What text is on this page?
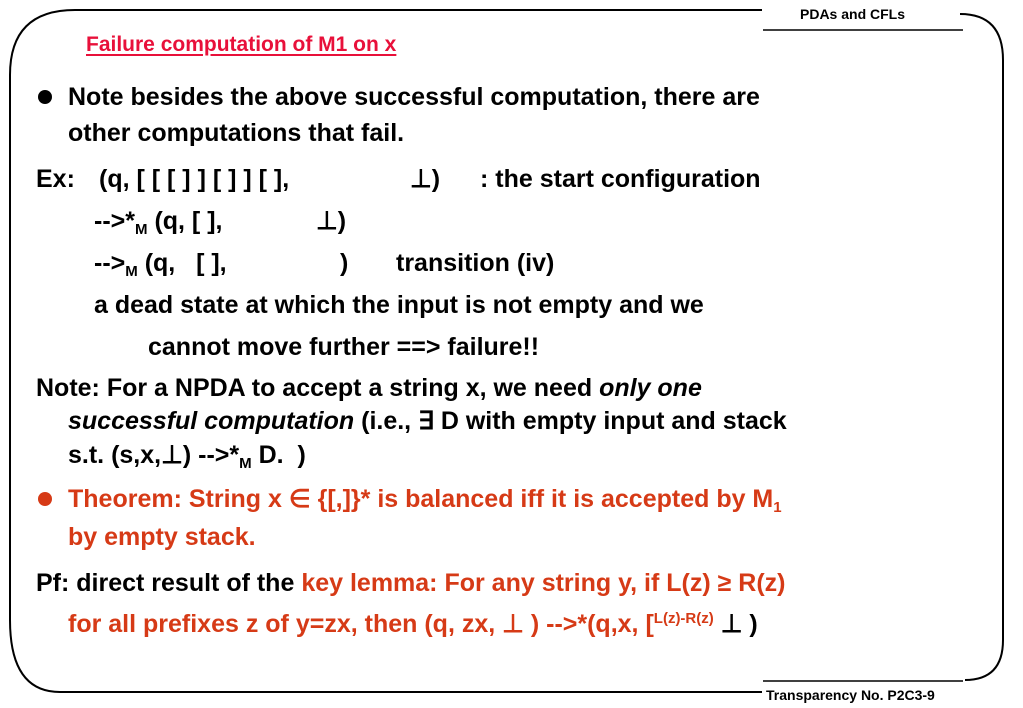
PDAs and CFLs
Transparency No. P2C3-9
Failure computation of M1 on x
Note besides the above successful computation, there are
other computations that fail.
Ex: (q, [ [ [ ] ] [ ] ] [ ],	⊥) : the start configuration
$-->*_M$ (q, [ ],	⊥)
$-->_M$ (q,   [ ],	) transition (iv)
a dead state at which the input is not empty and we
cannot move further ==> failure!!
Note: For a NPDA to accept a string x, we need only one
successful computation (i.e., ∃ D with empty input and stack
s.t. (s,x,⊥) $-->*_M$ D.  )
Theorem: String x ∈ {[,]}* is balanced iff it is accepted by $M_1$
by empty stack.
Pf: direct result of the key lemma: For any string y, if L(z) ≥ R(z)
for all prefixes z of y=zx, then (q, zx, ⊥ ) -->*(q,x, [$^{L(z)-R(z)}$ ⊥ )
